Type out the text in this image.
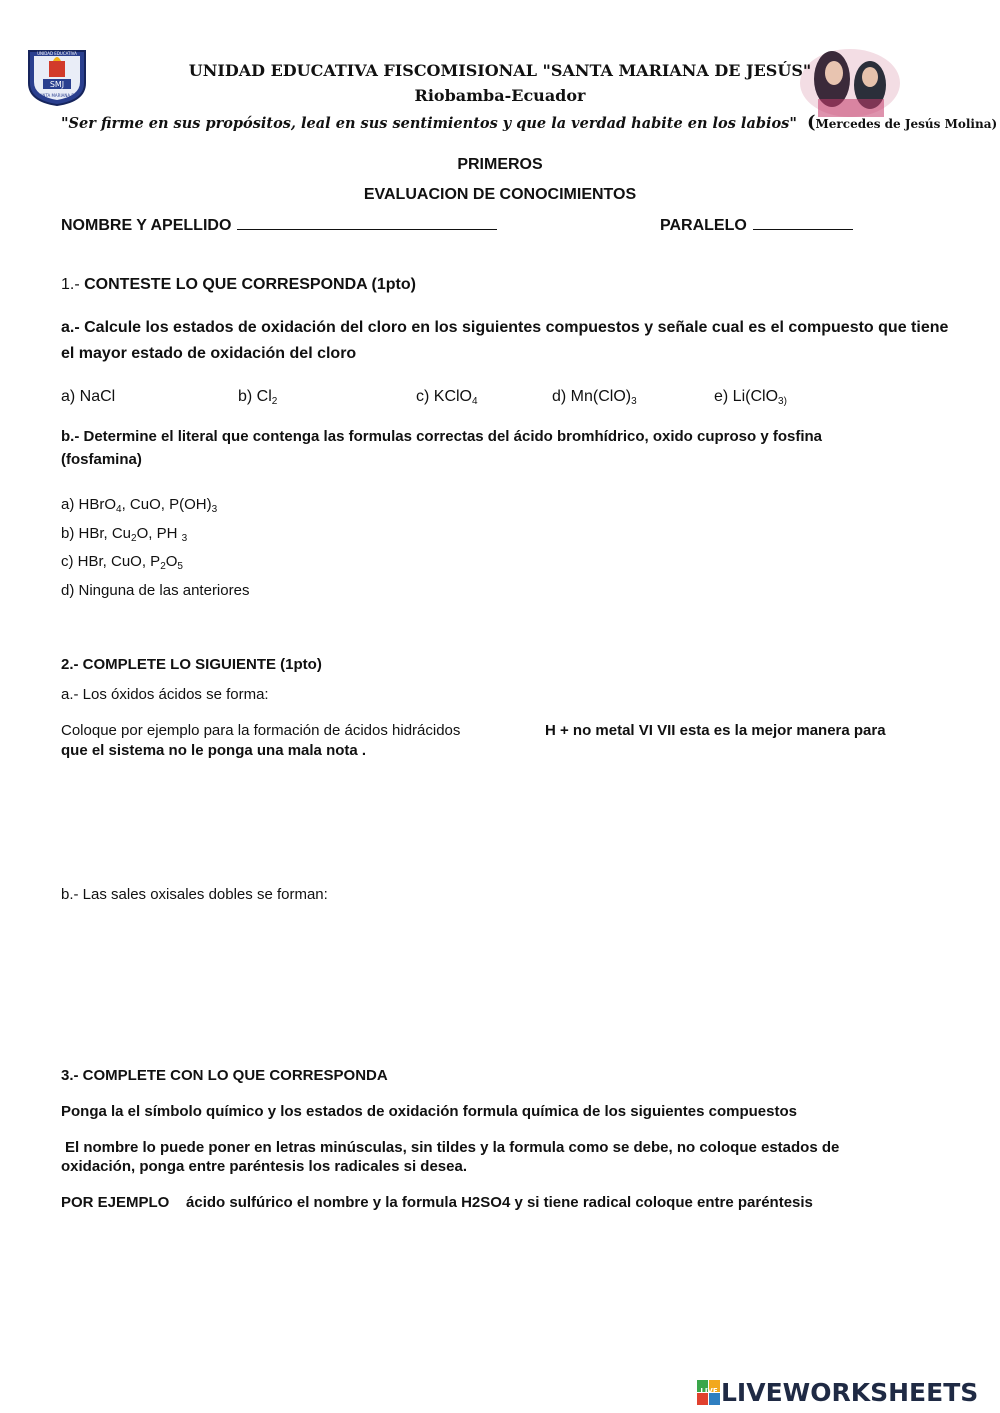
SMJ
UNIDAD EDUCATIVA
SANTA MARIANA DE
UNIDAD EDUCATIVA FISCOMISIONAL "SANTA MARIANA DE JESÚS"
Riobamba-Ecuador
"Ser firme en sus propósitos, leal en sus sentimientos y que la verdad habite en los labios" (Mercedes de Jesús Molina)
PRIMEROS
EVALUACION DE CONOCIMIENTOS
NOMBRE Y APELLIDO	PARALELO
1.- CONTESTE LO QUE CORRESPONDA (1pto)
a.- Calcule los estados de oxidación del cloro en los siguientes compuestos y señale cual es el compuesto que tiene
el mayor estado de oxidación del cloro
a) NaCl	b) $Cl_2$	c) KClO$_4$	d) $Mn(ClO)_3$	e) Li(ClO$_{3)}$
b.- Determine el literal que contenga las formulas correctas del ácido bromhídrico, oxido cuproso y fosfina
(fosfamina)
a) HBrO$_4$, CuO, $P(OH)_3$
b) HBr, $Cu_2O$, PH $_3$
c) HBr, CuO, $P_2O_5$
d) Ninguna de las anteriores
2.- COMPLETE LO SIGUIENTE (1pto)
a.- Los óxidos ácidos se forma:
Coloque por ejemplo para la formación de ácidos hidrácidos	H + no metal VI VII esta es la mejor manera para
que el sistema no le ponga una mala nota .
b.- Las sales oxisales dobles se forman:
3.- COMPLETE CON LO QUE CORRESPONDA
Ponga la el símbolo químico y los estados de oxidación formula química de los siguientes compuestos
El nombre lo puede poner en letras minúsculas, sin tildes y la formula como se debe, no coloque estados de
oxidación, ponga entre paréntesis los radicales si desea.
POR EJEMPLO ácido sulfúrico el nombre y la formula H2SO4 y si tiene radical coloque entre paréntesis
LIVE LIVEWORKSHEETS
